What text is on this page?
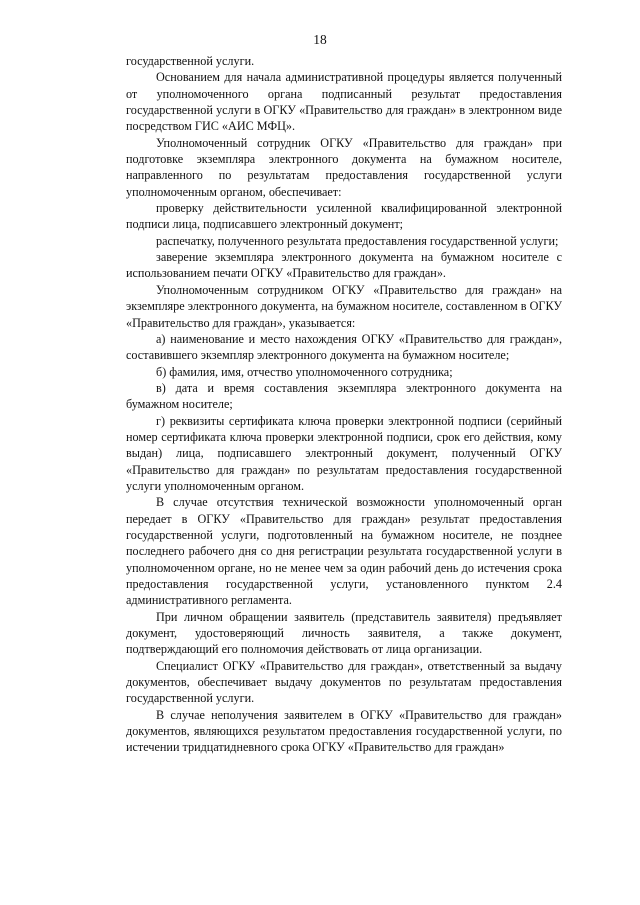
18

государственной услуги.

Основанием для начала административной процедуры является полученный от уполномоченного органа подписанный результат предоставления государственной услуги в ОГКУ «Правительство для граждан» в электронном виде посредством ГИС «АИС МФЦ».

Уполномоченный сотрудник ОГКУ «Правительство для граждан» при подготовке экземпляра электронного документа на бумажном носителе, направленного по результатам предоставления государственной услуги уполномоченным органом, обеспечивает:

проверку действительности усиленной квалифицированной электронной подписи лица, подписавшего электронный документ;

распечатку, полученного результата предоставления государственной услуги;

заверение экземпляра электронного документа на бумажном носителе с использованием печати ОГКУ «Правительство для граждан».

Уполномоченным сотрудником ОГКУ «Правительство для граждан» на экземпляре электронного документа, на бумажном носителе, составленном в ОГКУ «Правительство для граждан», указывается:

а) наименование и место нахождения ОГКУ «Правительство для граждан», составившего экземпляр электронного документа на бумажном носителе;

б) фамилия, имя, отчество уполномоченного сотрудника;

в) дата и время составления экземпляра электронного документа на бумажном носителе;

г) реквизиты сертификата ключа проверки электронной подписи (серийный номер сертификата ключа проверки электронной подписи, срок его действия, кому выдан) лица, подписавшего электронный документ, полученный ОГКУ «Правительство для граждан» по результатам предоставления государственной услуги уполномоченным органом.

В случае отсутствия технической возможности уполномоченный орган передает в ОГКУ «Правительство для граждан» результат предоставления государственной услуги, подготовленный на бумажном носителе, не позднее последнего рабочего дня со дня регистрации результата государственной услуги в уполномоченном органе, но не менее чем за один рабочий день до истечения срока предоставления государственной услуги, установленного пунктом 2.4 административного регламента.

При личном обращении заявитель (представитель заявителя) предъявляет документ, удостоверяющий личность заявителя, а также документ, подтверждающий его полномочия действовать от лица организации.

Специалист ОГКУ «Правительство для граждан», ответственный за выдачу документов, обеспечивает выдачу документов по результатам предоставления государственной услуги.

В случае неполучения заявителем в ОГКУ «Правительство для граждан» документов, являющихся результатом предоставления государственной услуги, по истечении тридцатидневного срока ОГКУ «Правительство для граждан»
